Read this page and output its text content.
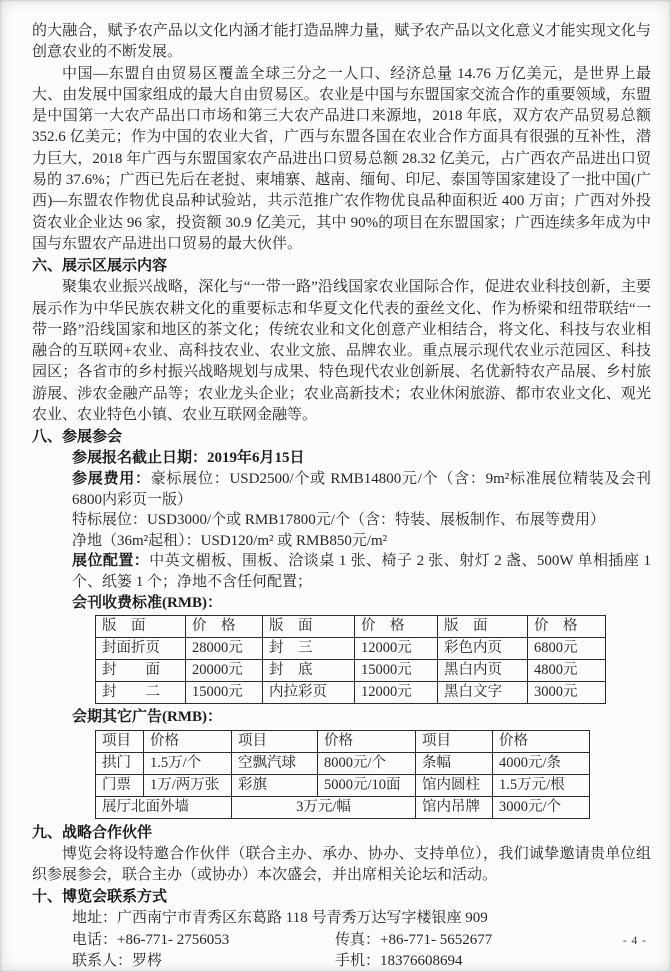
的大融合，赋予农产品以文化内涵才能打造品牌力量，赋予农产品以文化意义才能实现文化与创意农业的不断发展。

中国—东盟自由贸易区覆盖全球三分之一人口、经济总量 14.76 万亿美元，是世界上最大、由发展中国家组成的最大自由贸易区。农业是中国与东盟国家交流合作的重要领域，东盟是中国第一大农产品出口市场和第三大农产品进口来源地，2018 年底，双方农产品贸易总额 352.6 亿美元；作为中国的农业大省，广西与东盟各国在农业合作方面具有很强的互补性，潜力巨大，2018 年广西与东盟国家农产品进出口贸易总额 28.32 亿美元，占广西农产品进出口贸易的 37.6%；广西已先后在老挝、柬埔寨、越南、缅甸、印尼、泰国等国家建设了一批中国(广西)—东盟农作物优良品种试验站，共示范推广农作物优良品种面积近 400 万亩；广西对外投资农业企业达 96 家，投资额 30.9 亿美元，其中 90%的项目在东盟国家；广西连续多年成为中国与东盟农产品进出口贸易的最大伙伴。

六、展示区展示内容

聚集农业振兴战略，深化与“一带一路”沿线国家农业国际合作，促进农业科技创新，主要展示作为中华民族农耕文化的重要标志和华夏文化代表的蚕丝文化、作为桥梁和纽带联结“一带一路”沿线国家和地区的茶文化；传统农业和文化创意产业相结合，将文化、科技与农业相融合的互联网+农业、高科技农业、农业文旅、品牌农业。重点展示现代农业示范园区、科技园区；各省市的乡村振兴战略规划与成果、特色现代农业创新展、名优新特农产品展、乡村旅游展、涉农金融产品等；农业龙头企业；农业高新技术；农业休闲旅游、都市农业文化、观光农业、农业特色小镇、农业互联网金融等。

八、参展参会

参展报名截止日期：2019年6月15日

参展费用：豪标展位：USD2500/个或 RMB14800元/个（含：9m²标准展位精装及会刊6800内彩页一版）

特标展位：USD3000/个或 RMB17800元/个（含：特装、展板制作、布展等费用）

净地（36m²起租）：USD120/m² 或 RMB850元/m²

展位配置：中英文楣板、围板、洽谈桌 1 张、椅子 2 张、射灯 2 盏、500W 单相插座 1 个、纸篓 1 个；净地不含任何配置；

会刊收费标准(RMB)：

版　面	价　格	版　面	价　格	版　面	价　格
封面折页	28000元	封　三	12000元	彩色内页	6800元
封　　面	20000元	封　底	15000元	黑白内页	4800元
封　　二	15000元	内拉彩页	12000元	黑白文字	3000元

会期其它广告(RMB)：

项目	价格	项目	价格	项目	价格
拱门	1.5万/个	空飘汽球	8000元/个	条幅	4000元/条
门票	1万/两万张	彩旗	5000元/10面	馆内圆柱	1.5万元/根
展厅北面外墙		3万元/幅		馆内吊牌	3000元/个
九、战略合作伙伴

博览会将设特邀合作伙伴（联合主办、承办、协办、支持单位），我们诚挚邀请贵单位组织参展参会，联合主办（或协办）本次盛会，并出席相关论坛和活动。

十、博览会联系方式

地址：广西南宁市青秀区东葛路 118 号青秀万达写字楼银座 909

电话：+86-771- 2756053	传真：+86-771- 5652677
联系人：罗梣	手机：18376608694
- 4 -
